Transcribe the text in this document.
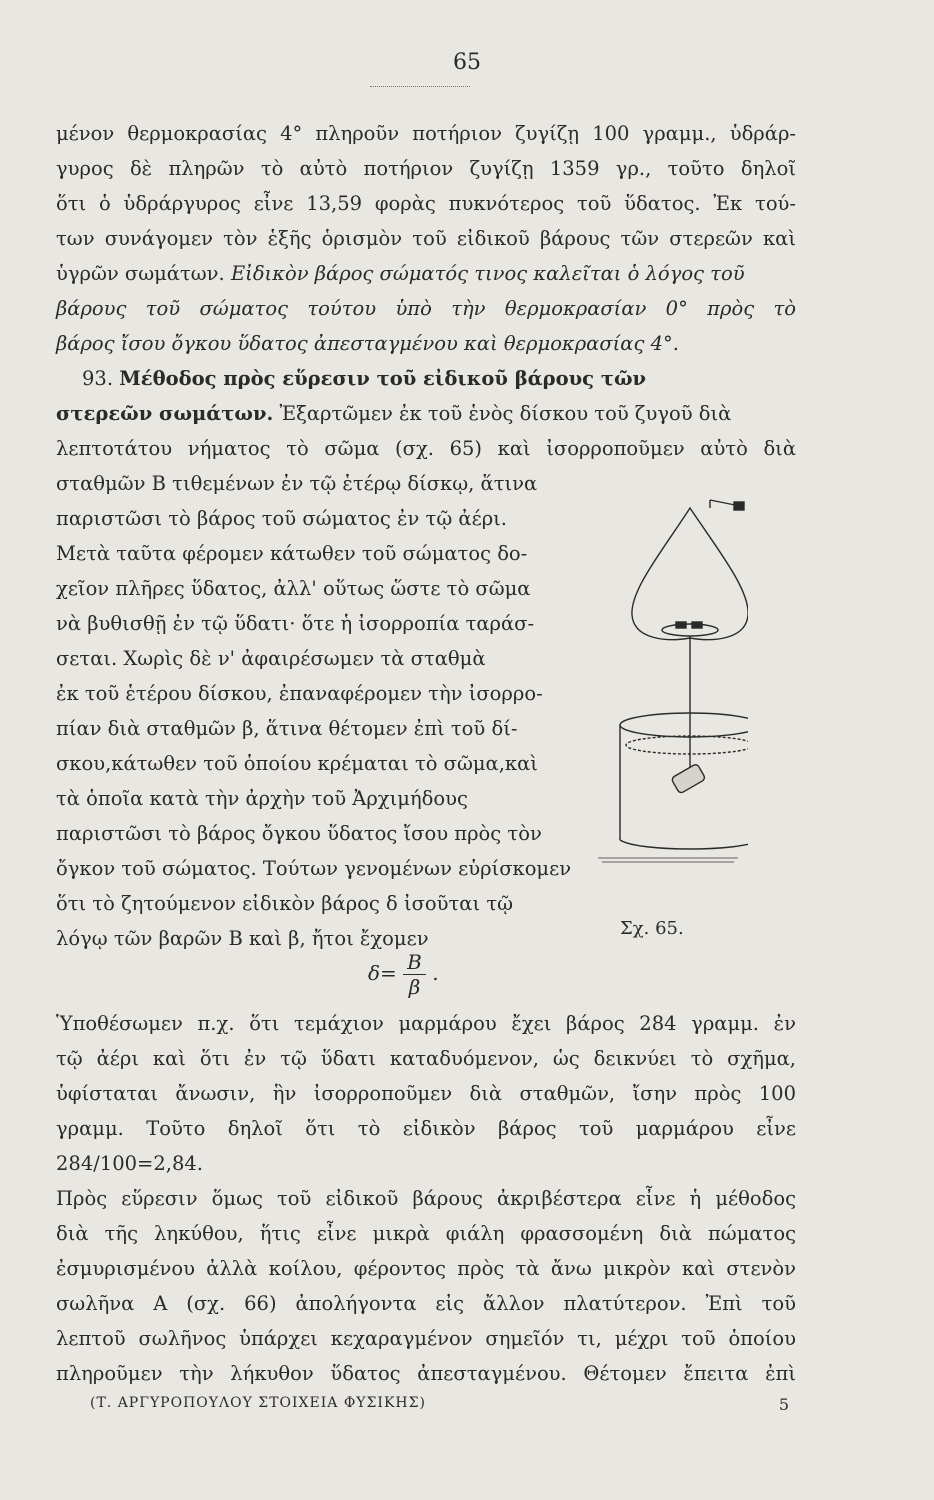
65
μένον θερμοκρασίας 4° πληροῦν ποτήριον ζυγίζῃ 100 γραμμ., ὑδράρ-
γυρος δὲ πληρῶν τὸ αὐτὸ ποτήριον ζυγίζῃ 1359 γρ., τοῦτο δηλοῖ
ὅτι ὁ ὑδράργυρος εἶνε 13,59 φορὰς πυκνότερος τοῦ ὕδατος. Ἐκ τού-
των συνάγομεν τὸν ἑξῆς ὁρισμὸν τοῦ εἰδικοῦ βάρους τῶν στερεῶν καὶ
ὑγρῶν σωμάτων. Εἰδικὸν βάρος σώματός τινος καλεῖται ὁ λόγος τοῦ
βάρους τοῦ σώματος τούτου ὑπὸ τὴν θερμοκρασίαν 0° πρὸς τὸ
βάρος ἴσου ὄγκου ὕδατος ἀπεσταγμένου καὶ θερμοκρασίας 4°.
93. Μέθοδος πρὸς εὕρεσιν τοῦ εἰδικοῦ βάρους τῶν
στερεῶν σωμάτων. Ἐξαρτῶμεν ἐκ τοῦ ἑνὸς δίσκου τοῦ ζυγοῦ διὰ
λεπτοτάτου νήματος τὸ σῶμα (σχ. 65) καὶ ἰσορροποῦμεν αὐτὸ διὰ
σταθμῶν Β τιθεμένων ἐν τῷ ἑτέρῳ δίσκῳ, ἅτινα
παριστῶσι τὸ βάρος τοῦ σώματος ἐν τῷ ἀέρι.
Μετὰ ταῦτα φέρομεν κάτωθεν τοῦ σώματος δο-
χεῖον πλῆρες ὕδατος, ἀλλ' οὕτως ὥστε τὸ σῶμα
νὰ βυθισθῇ ἐν τῷ ὕδατι· ὅτε ἡ ἰσορροπία ταράσ-
σεται. Χωρὶς δὲ ν' ἀφαιρέσωμεν τὰ σταθμὰ
ἐκ τοῦ ἑτέρου δίσκου, ἐπαναφέρομεν τὴν ἰσορρο-
πίαν διὰ σταθμῶν β, ἅτινα θέτομεν ἐπὶ τοῦ δί-
σκου,κάτωθεν τοῦ ὁποίου κρέμαται τὸ σῶμα,καὶ
τὰ ὁποῖα κατὰ τὴν ἀρχὴν τοῦ Ἀρχιμήδους
παριστῶσι τὸ βάρος ὄγκου ὕδατος ἴσου πρὸς τὸν
ὄγκον τοῦ σώματος. Τούτων γενομένων εὑρίσκομεν
ὅτι τὸ ζητούμενον εἰδικὸν βάρος δ ἰσοῦται τῷ
λόγῳ τῶν βαρῶν Β καὶ β, ἤτοι ἔχομεν	Σχ. 65.
$\delta= \frac{B}{\beta}$ .
Ὑποθέσωμεν π.χ. ὅτι τεμάχιον μαρμάρου ἔχει βάρος 284 γραμμ. ἐν
τῷ ἀέρι καὶ ὅτι ἐν τῷ ὕδατι καταδυόμενον, ὡς δεικνύει τὸ σχῆμα,
ὑφίσταται ἄνωσιν, ἣν ἰσορροποῦμεν διὰ σταθμῶν, ἴσην πρὸς 100
γραμμ. Τοῦτο δηλοῖ ὅτι τὸ εἰδικὸν βάρος τοῦ μαρμάρου εἶνε
284/100=2,84.
Πρὸς εὕρεσιν ὅμως τοῦ εἰδικοῦ βάρους ἀκριβέστερα εἶνε ἡ μέθοδος
διὰ τῆς ληκύθου, ἥτις εἶνε μικρὰ φιάλη φρασσομένη διὰ πώματος
ἐσμυρισμένου ἀλλὰ κοίλου, φέροντος πρὸς τὰ ἄνω μικρὸν καὶ στενὸν
σωλῆνα Α (σχ. 66) ἀπολήγοντα εἰς ἄλλον πλατύτερον. Ἐπὶ τοῦ
λεπτοῦ σωλῆνος ὑπάρχει κεχαραγμένον σημεῖόν τι, μέχρι τοῦ ὁποίου
πληροῦμεν τὴν λήκυθον ὕδατος ἀπεσταγμένου. Θέτομεν ἔπειτα ἐπὶ
(Τ. ΑΡΓΥΡΟΠΟΥΛΟΥ ΣΤΟΙΧΕΙΑ ΦΥΣΙΚΗΣ)	5
